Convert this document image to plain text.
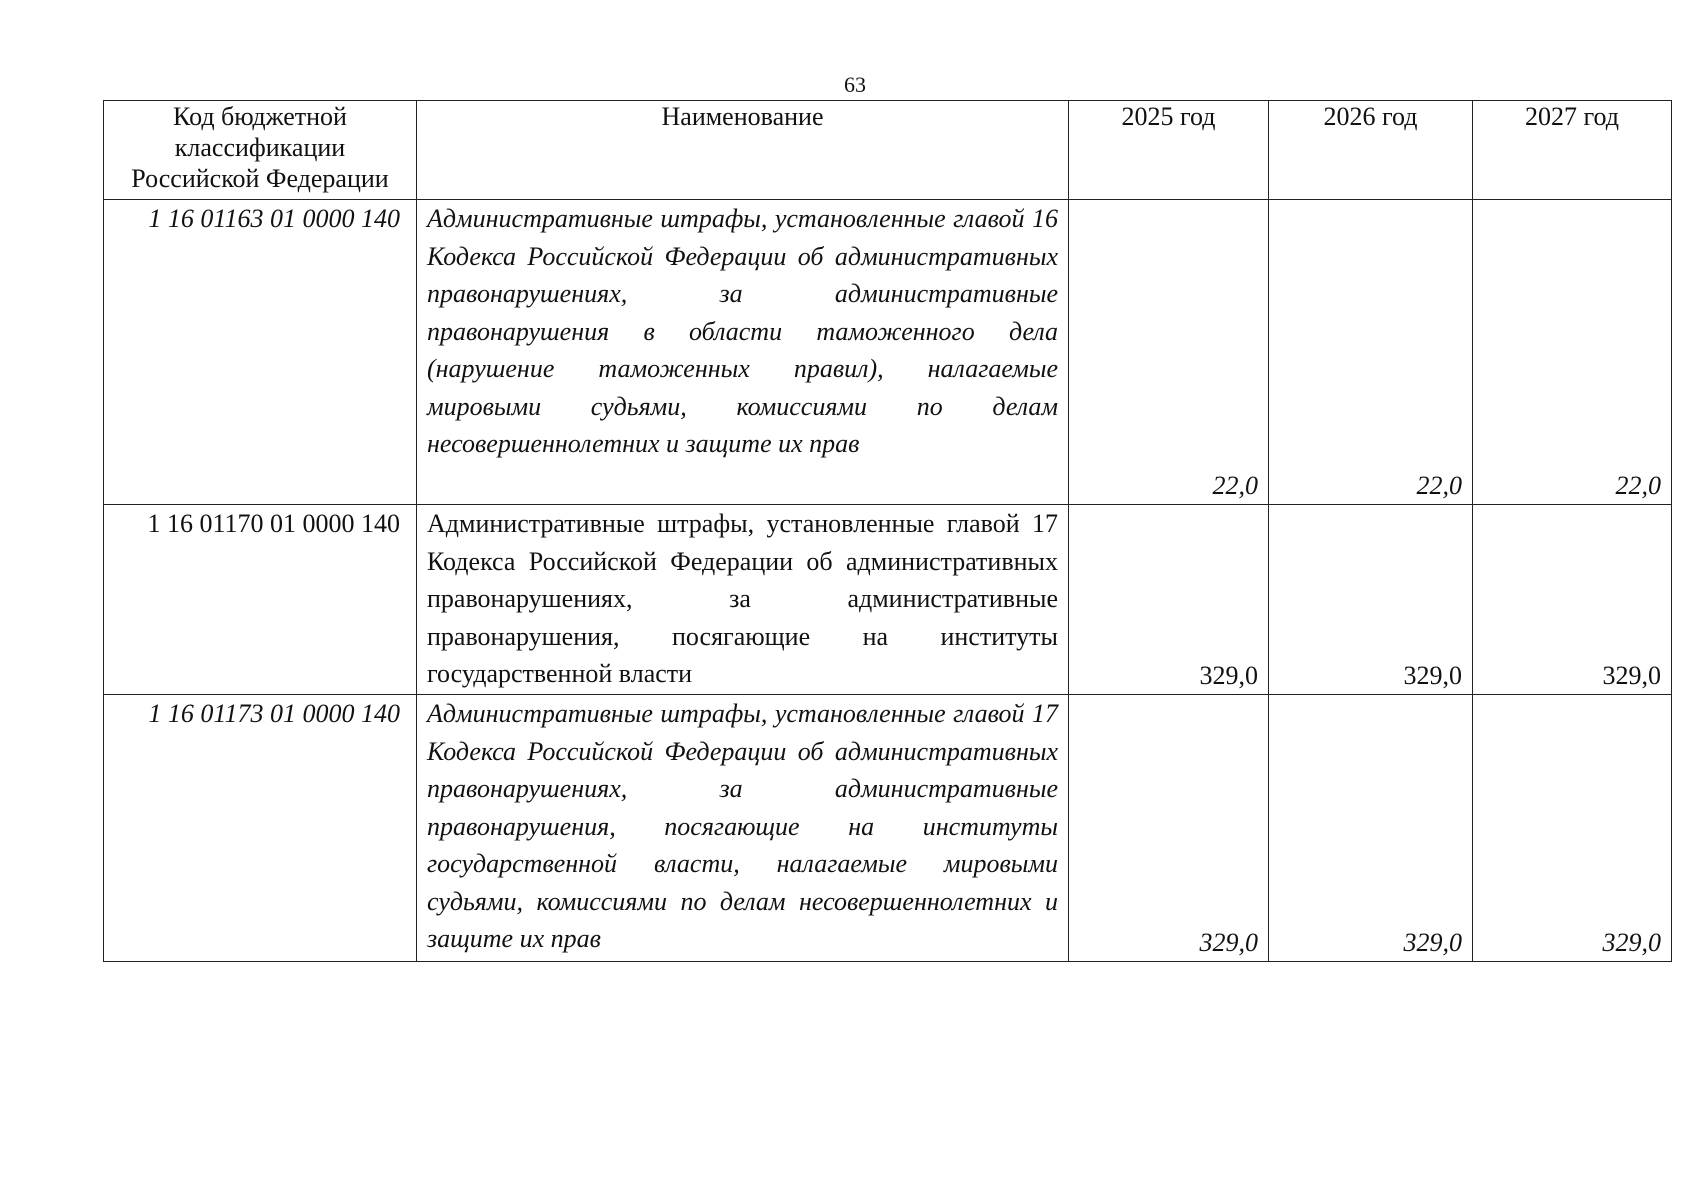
63
Код бюджетной классификации Российской Федерации	Наименование	2025 год	2026 год	2027 год
1 16 01163 01 0000 140	Административные штрафы, установленные главой 16 Кодекса Российской Федерации об административных правонарушениях, за административные правонарушения в области таможенного дела (нарушение таможенных правил), налагаемые мировыми судьями, комиссиями по делам несовершеннолетних и защите их прав	22,0	22,0	22,0
1 16 01170 01 0000 140	Административные штрафы, установленные главой 17 Кодекса Российской Федерации об административных правонарушениях, за административные правонарушения, посягающие на институты государственной власти	329,0	329,0	329,0
1 16 01173 01 0000 140	Административные штрафы, установленные главой 17 Кодекса Российской Федерации об административных правонарушениях, за административные правонарушения, посягающие на институты государственной власти, налагаемые мировыми судьями, комиссиями по делам несовершеннолетних и защите их прав	329,0	329,0	329,0
